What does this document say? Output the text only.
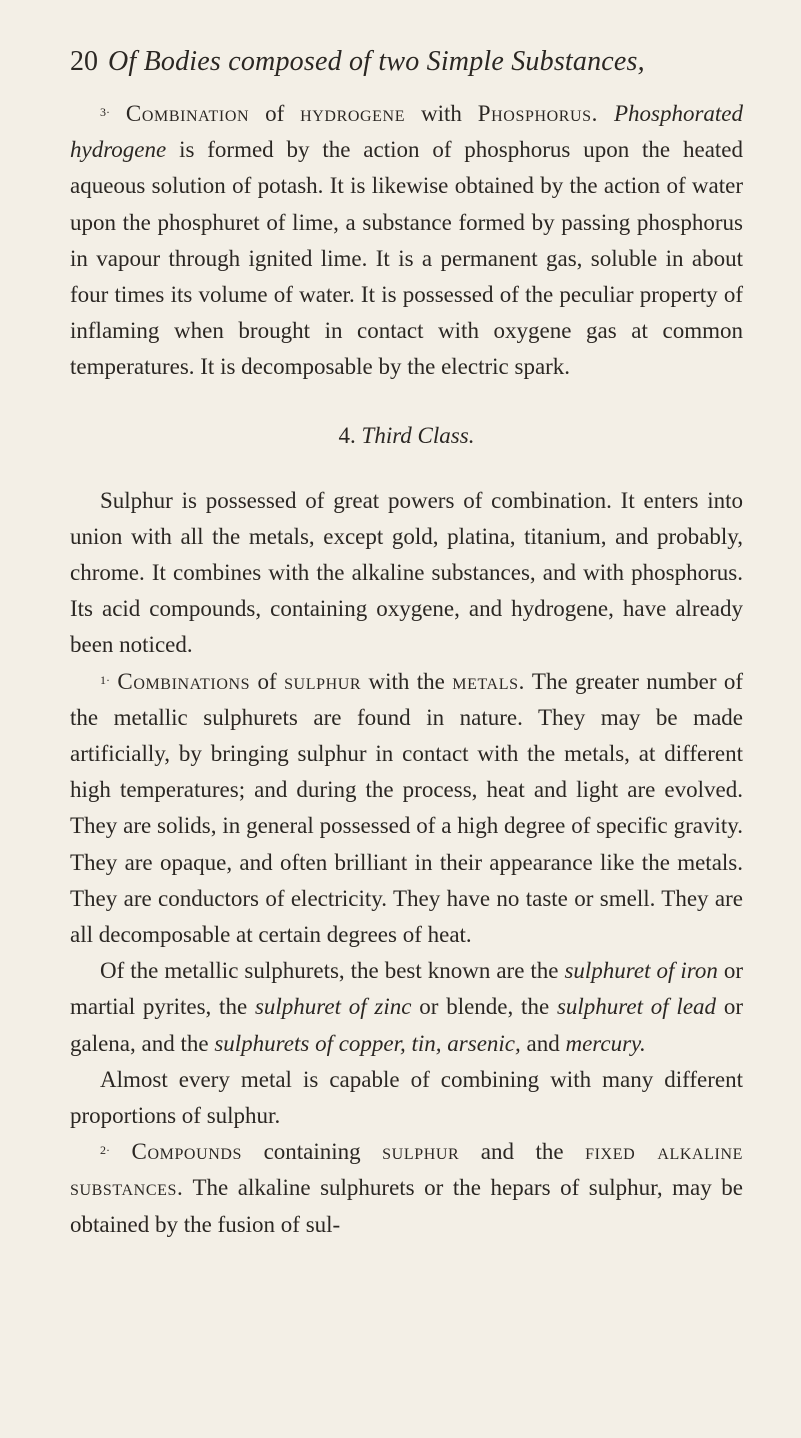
20 Of Bodies composed of two Simple Substances,

$^{3\cdot}$ Combination of hydrogene with Phosphorus. Phosphorated hydrogene is formed by the action of phosphorus upon the heated aqueous solution of potash. It is likewise obtained by the action of water upon the phosphuret of lime, a substance formed by passing phosphorus in vapour through ignited lime. It is a permanent gas, soluble in about four times its volume of water. It is possessed of the peculiar property of inflaming when brought in contact with oxygene gas at common temperatures. It is decomposable by the electric spark.

4. Third Class.

Sulphur is possessed of great powers of combination. It enters into union with all the metals, except gold, platina, titanium, and probably, chrome. It combines with the alkaline substances, and with phosphorus. Its acid compounds, containing oxygene, and hydrogene, have already been noticed.

$^{1\cdot}$ Combinations of sulphur with the metals. The greater number of the metallic sulphurets are found in nature. They may be made artificially, by bringing sulphur in contact with the metals, at different high temperatures; and during the process, heat and light are evolved. They are solids, in general possessed of a high degree of specific gravity. They are opaque, and often brilliant in their appearance like the metals. They are conductors of electricity. They have no taste or smell. They are all decomposable at certain degrees of heat.

Of the metallic sulphurets, the best known are the sulphuret of iron or martial pyrites, the sulphuret of zinc or blende, the sulphuret of lead or galena, and the sulphurets of copper, tin, arsenic, and mercury.

Almost every metal is capable of combining with many different proportions of sulphur.

$^{2\cdot}$ Compounds containing sulphur and the fixed alkaline substances. The alkaline sulphurets or the hepars of sulphur, may be obtained by the fusion of sul-
